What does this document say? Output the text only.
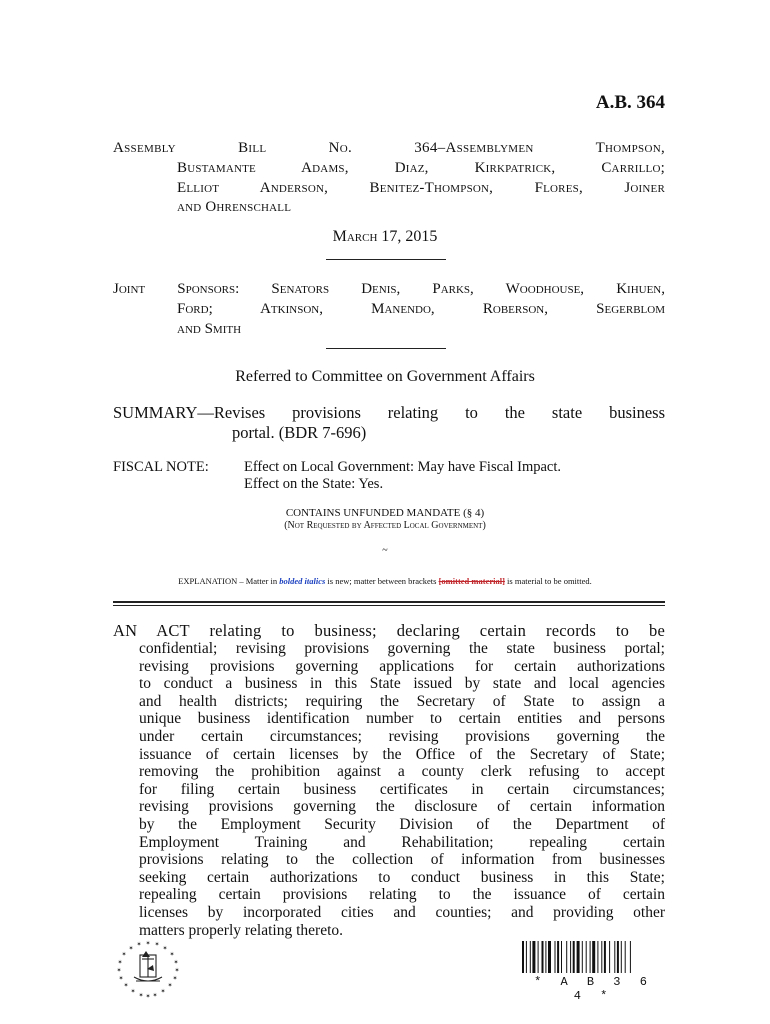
A.B. 364
Assembly Bill No. 364–Assemblymen Thompson,
Bustamante Adams, Diaz, Kirkpatrick, Carrillo;
Elliot Anderson, Benitez-Thompson, Flores, Joiner
and Ohrenschall
March 17, 2015
Joint Sponsors: Senators Denis, Parks, Woodhouse, Kihuen,
Ford; Atkinson, Manendo, Roberson, Segerblom
and Smith
Referred to Committee on Government Affairs
SUMMARY—Revises provisions relating to the state business
portal. (BDR 7-696)
FISCAL NOTE: Effect on Local Government: May have Fiscal Impact.
Effect on the State: Yes.
CONTAINS UNFUNDED MANDATE (§ 4)
(Not Requested by Affected Local Government)
~
EXPLANATION – Matter in bolded italics is new; matter between brackets [omitted material] is material to be omitted.
AN ACT relating to business; declaring certain records to be
confidential; revising provisions governing the state business portal;
revising provisions governing applications for certain authorizations
to conduct a business in this State issued by state and local agencies
and health districts; requiring the Secretary of State to assign a
unique business identification number to certain entities and persons
under certain circumstances; revising provisions governing the
issuance of certain licenses by the Office of the Secretary of State;
removing the prohibition against a county clerk refusing to accept
for filing certain business certificates in certain circumstances;
revising provisions governing the disclosure of certain information
by the Employment Security Division of the Department of
Employment Training and Rehabilitation; repealing certain
provisions relating to the collection of information from businesses
seeking certain authorizations to conduct business in this State;
repealing certain provisions relating to the issuance of certain
licenses by incorporated cities and counties; and providing other
matters properly relating thereto.
✶
✶ ✶
✶	✶
✶	✶
✶	✶
✶	✶
✶	✶
✶	✶
✶	✶
✶ ✶
✶
* A B 3 6 4 *
